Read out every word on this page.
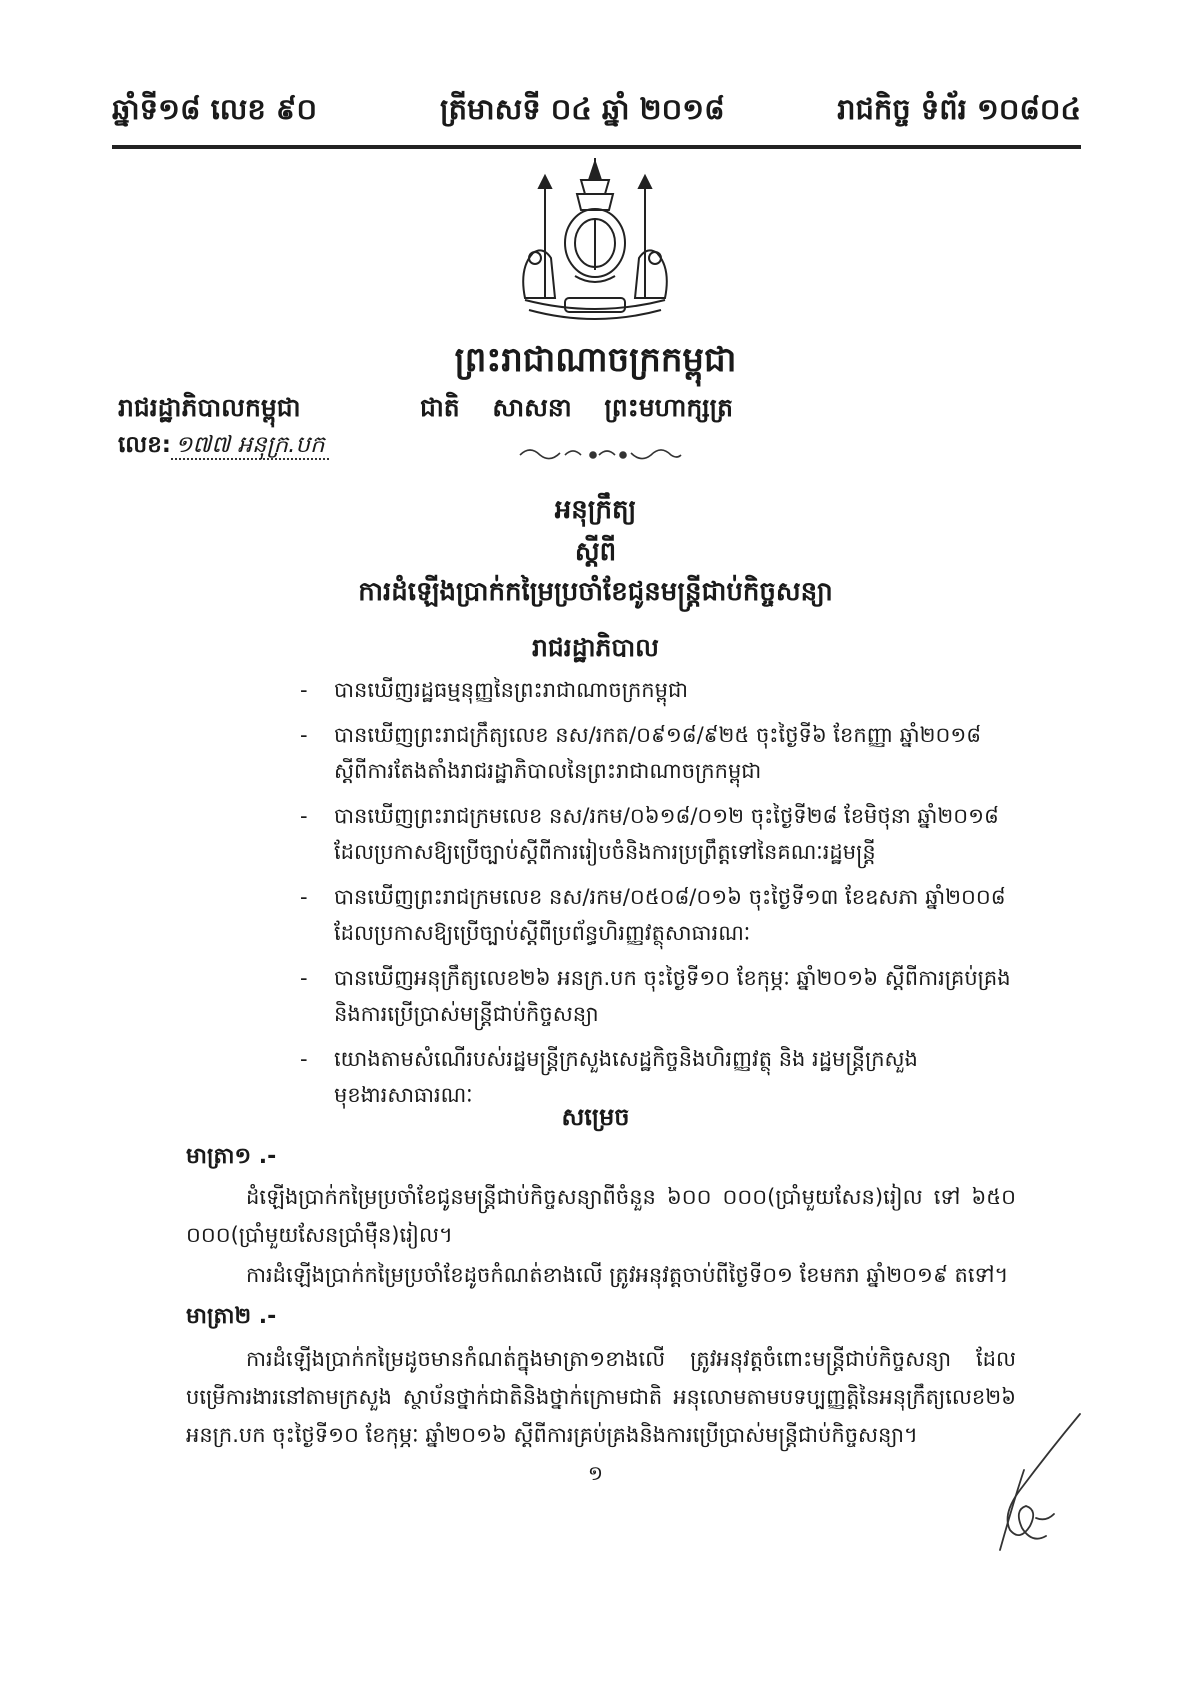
ឆ្នាំទី១៨ លេខ ៩០	ត្រីមាសទី ០៤ ឆ្នាំ ២០១៨	រាជកិច្ច ទំព័រ ១០៨០៤
ព្រះរាជាណាចក្រកម្ពុជា
រាជរដ្ឋាភិបាលកម្ពុជា	ជាតិ សាសនា ព្រះមហាក្សត្រ
លេខ: ១៧៧ អនុក្រ.បក
អនុក្រឹត្យ
ស្តីពី
ការដំឡើងប្រាក់កម្រៃប្រចាំខែជូនមន្ត្រីជាប់កិច្ចសន្យា
រាជរដ្ឋាភិបាល
- បានឃើញរដ្ឋធម្មនុញ្ញនៃព្រះរាជាណាចក្រកម្ពុជា
- បានឃើញព្រះរាជក្រឹត្យលេខ នស/រកត/០៩១៨/៩២៥ ចុះថ្ងៃទី៦ ខែកញ្ញា ឆ្នាំ២០១៨ ស្តីពីការតែងតាំងរាជរដ្ឋាភិបាលនៃព្រះរាជាណាចក្រកម្ពុជា
- បានឃើញព្រះរាជក្រមលេខ នស/រកម/០៦១៨/០១២ ចុះថ្ងៃទី២៨ ខែមិថុនា ឆ្នាំ២០១៨ ដែលប្រកាសឱ្យប្រើច្បាប់ស្តីពីការរៀបចំនិងការប្រព្រឹត្តទៅនៃគណៈរដ្ឋមន្ត្រី
- បានឃើញព្រះរាជក្រមលេខ នស/រកម/០៥០៨/០១៦ ចុះថ្ងៃទី១៣ ខែឧសភា ឆ្នាំ២០០៨ ដែលប្រកាសឱ្យប្រើច្បាប់ស្តីពីប្រព័ន្ធហិរញ្ញវត្ថុសាធារណៈ
- បានឃើញអនុក្រឹត្យលេខ២៦ អនក្រ.បក ចុះថ្ងៃទី១០ ខែកុម្ភៈ ឆ្នាំ២០១៦ ស្តីពីការគ្រប់គ្រង និងការប្រើប្រាស់មន្ត្រីជាប់កិច្ចសន្យា
- យោងតាមសំណើរបស់រដ្ឋមន្ត្រីក្រសួងសេដ្ឋកិច្ចនិងហិរញ្ញវត្ថុ និង រដ្ឋមន្ត្រីក្រសួងមុខងារសាធារណៈ
សម្រេច
មាត្រា១ .-
ដំឡើងប្រាក់កម្រៃប្រចាំខែជូនមន្ត្រីជាប់កិច្ចសន្យាពីចំនួន ៦០០ ០០០(ប្រាំមួយសែន)រៀល ទៅ ៦៥០ ០០០(ប្រាំមួយសែនប្រាំម៉ឺន)រៀល។
ការដំឡើងប្រាក់កម្រៃប្រចាំខែដូចកំណត់ខាងលើ ត្រូវអនុវត្តចាប់ពីថ្ងៃទី០១ ខែមករា ឆ្នាំ២០១៩ តទៅ។
មាត្រា២ .-
ការដំឡើងប្រាក់កម្រៃដូចមានកំណត់ក្នុងមាត្រា១ខាងលើ ត្រូវអនុវត្តចំពោះមន្ត្រីជាប់កិច្ចសន្យា ដែលបម្រើការងារនៅតាមក្រសួង ស្ថាប័នថ្នាក់ជាតិនិងថ្នាក់ក្រោមជាតិ អនុលោមតាមបទប្បញ្ញត្តិនៃអនុក្រឹត្យលេខ២៦ អនក្រ.បក ចុះថ្ងៃទី១០ ខែកុម្ភៈ ឆ្នាំ២០១៦ ស្តីពីការគ្រប់គ្រងនិងការប្រើប្រាស់មន្ត្រីជាប់កិច្ចសន្យា។
១
